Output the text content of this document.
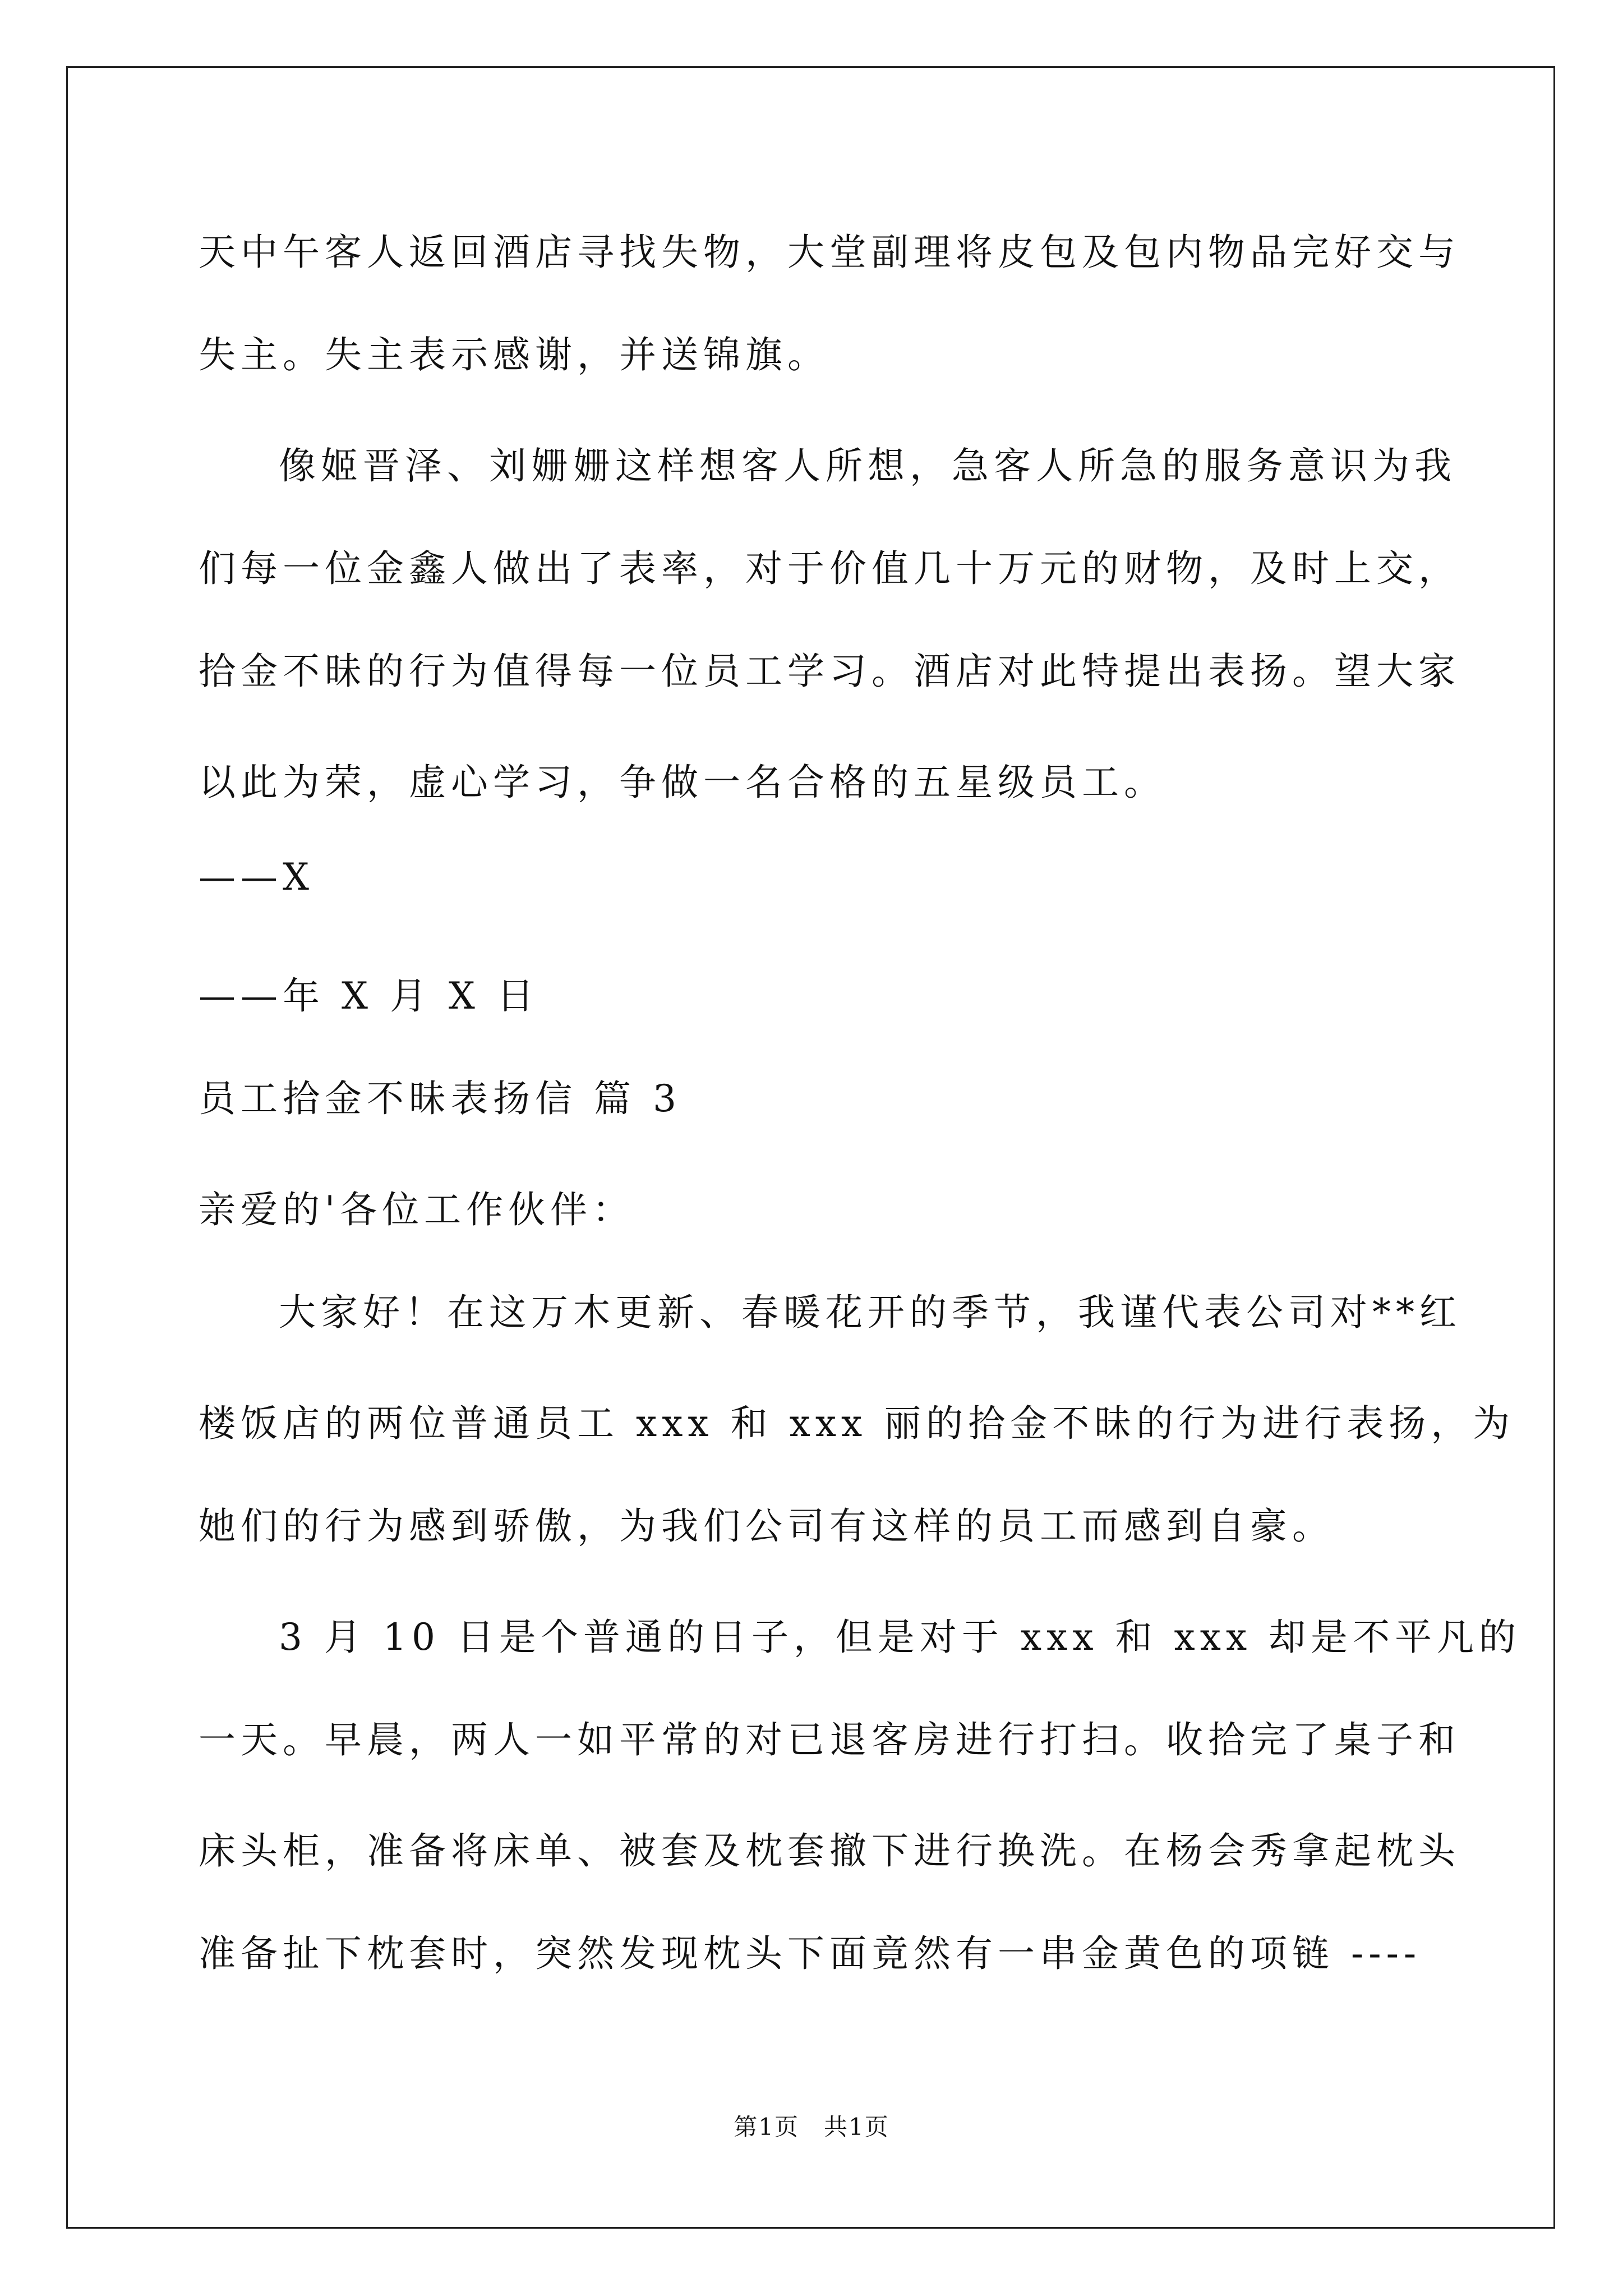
天中午客人返回酒店寻找失物，大堂副理将皮包及包内物品完好交与
失主。失主表示感谢，并送锦旗。
像姬晋泽、刘姗姗这样想客人所想，急客人所急的服务意识为我
们每一位金鑫人做出了表率，对于价值几十万元的财物，及时上交，
拾金不昧的行为值得每一位员工学习。酒店对此特提出表扬。望大家
以此为荣，虚心学习，争做一名合格的五星级员工。
——X
——年 X 月 X 日
员工拾金不昧表扬信 篇 3
亲爱的'各位工作伙伴：
大家好！在这万木更新、春暖花开的季节，我谨代表公司对**红
楼饭店的两位普通员工 xxx 和 xxx 丽的拾金不昧的行为进行表扬，为
她们的行为感到骄傲，为我们公司有这样的员工而感到自豪。
3 月 10 日是个普通的日子，但是对于 xxx 和 xxx 却是不平凡的
一天。早晨，两人一如平常的对已退客房进行打扫。收拾完了桌子和
床头柜，准备将床单、被套及枕套撤下进行换洗。在杨会秀拿起枕头
准备扯下枕套时，突然发现枕头下面竟然有一串金黄色的项链 ----
第1页　共1页
